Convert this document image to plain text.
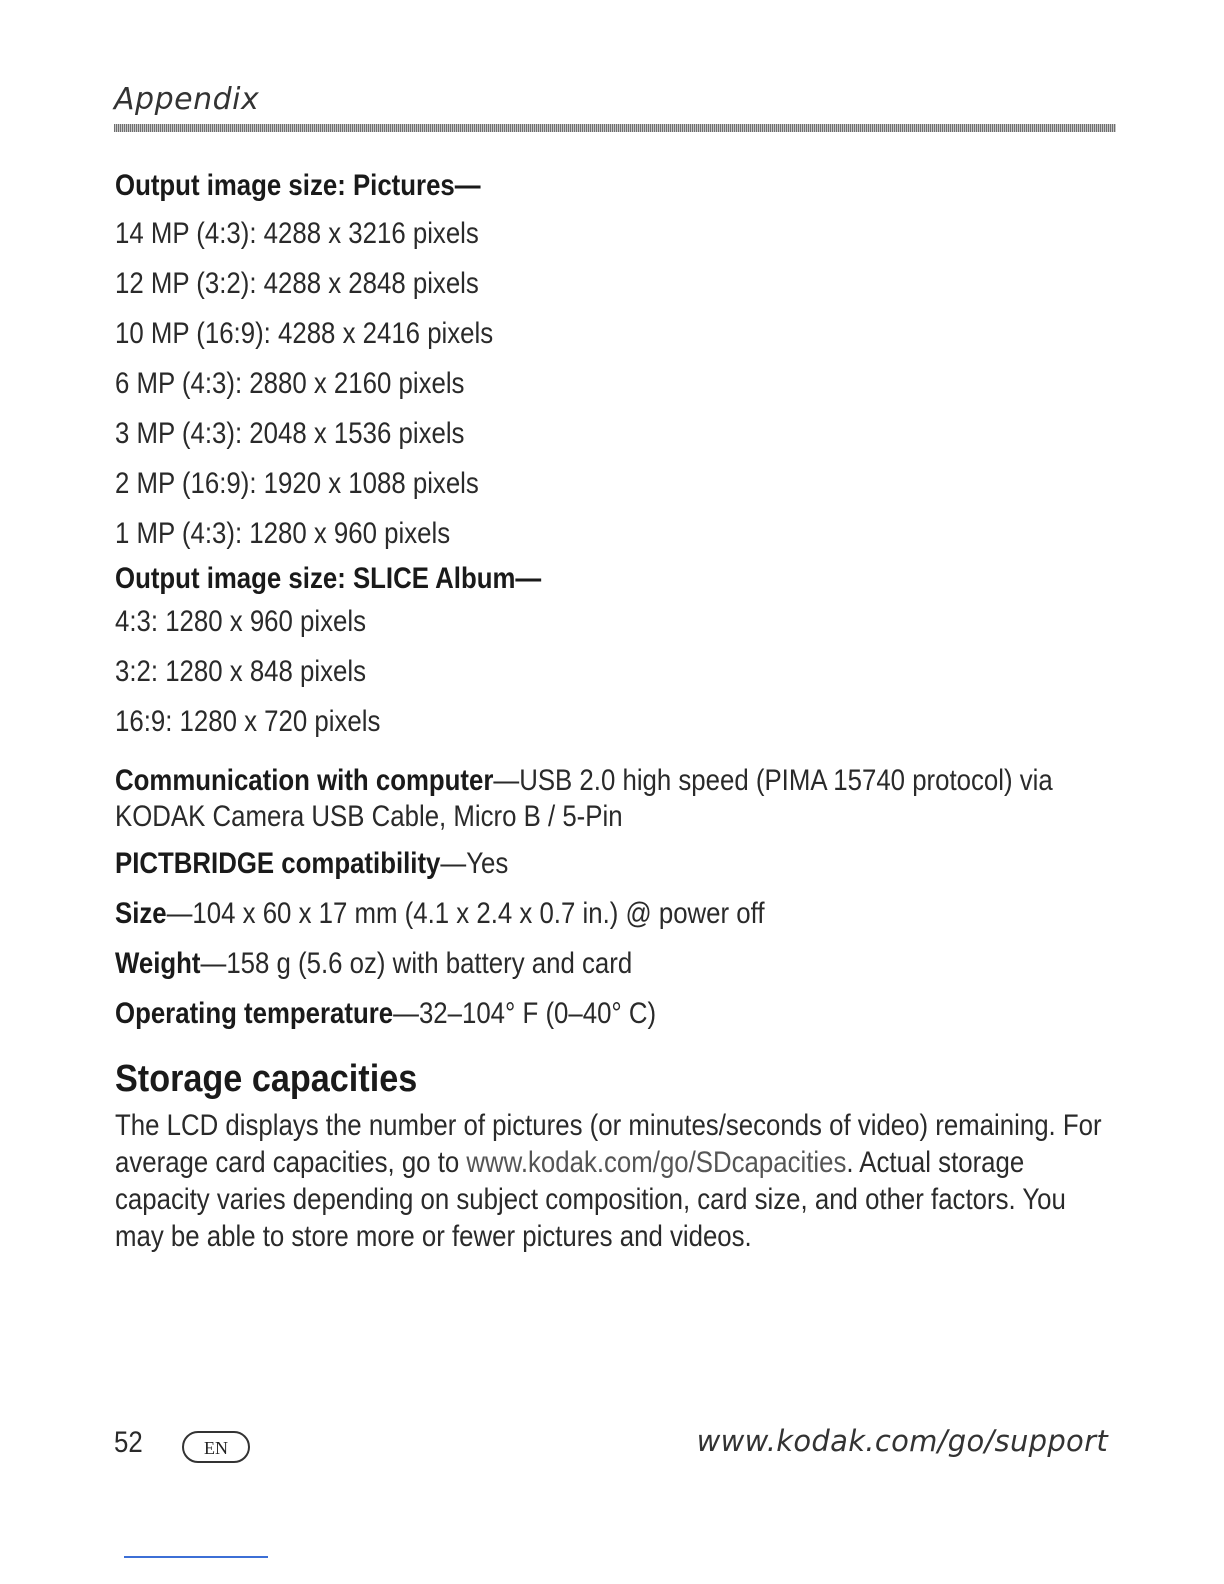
Appendix
Output image size: Pictures—
14 MP (4:3): 4288 x 3216 pixels
12 MP (3:2): 4288 x 2848 pixels
10 MP (16:9): 4288 x 2416 pixels
6 MP (4:3): 2880 x 2160 pixels
3 MP (4:3): 2048 x 1536 pixels
2 MP (16:9): 1920 x 1088 pixels
1 MP (4:3): 1280 x 960 pixels
Output image size: SLICE Album—
4:3: 1280 x 960 pixels
3:2: 1280 x 848 pixels
16:9: 1280 x 720 pixels
Communication with computer—USB 2.0 high speed (PIMA 15740 protocol) via KODAK Camera USB Cable, Micro B / 5-Pin
PICTBRIDGE compatibility—Yes
Size—104 x 60 x 17 mm (4.1 x 2.4 x 0.7 in.) @ power off
Weight—158 g (5.6 oz) with battery and card
Operating temperature—32–104° F (0–40° C)
Storage capacities
The LCD displays the number of pictures (or minutes/seconds of video) remaining. For average card capacities, go to www.kodak.com/go/SDcapacities. Actual storage capacity varies depending on subject composition, card size, and other factors. You may be able to store more or fewer pictures and videos.
52	EN	www.kodak.com/go/support
